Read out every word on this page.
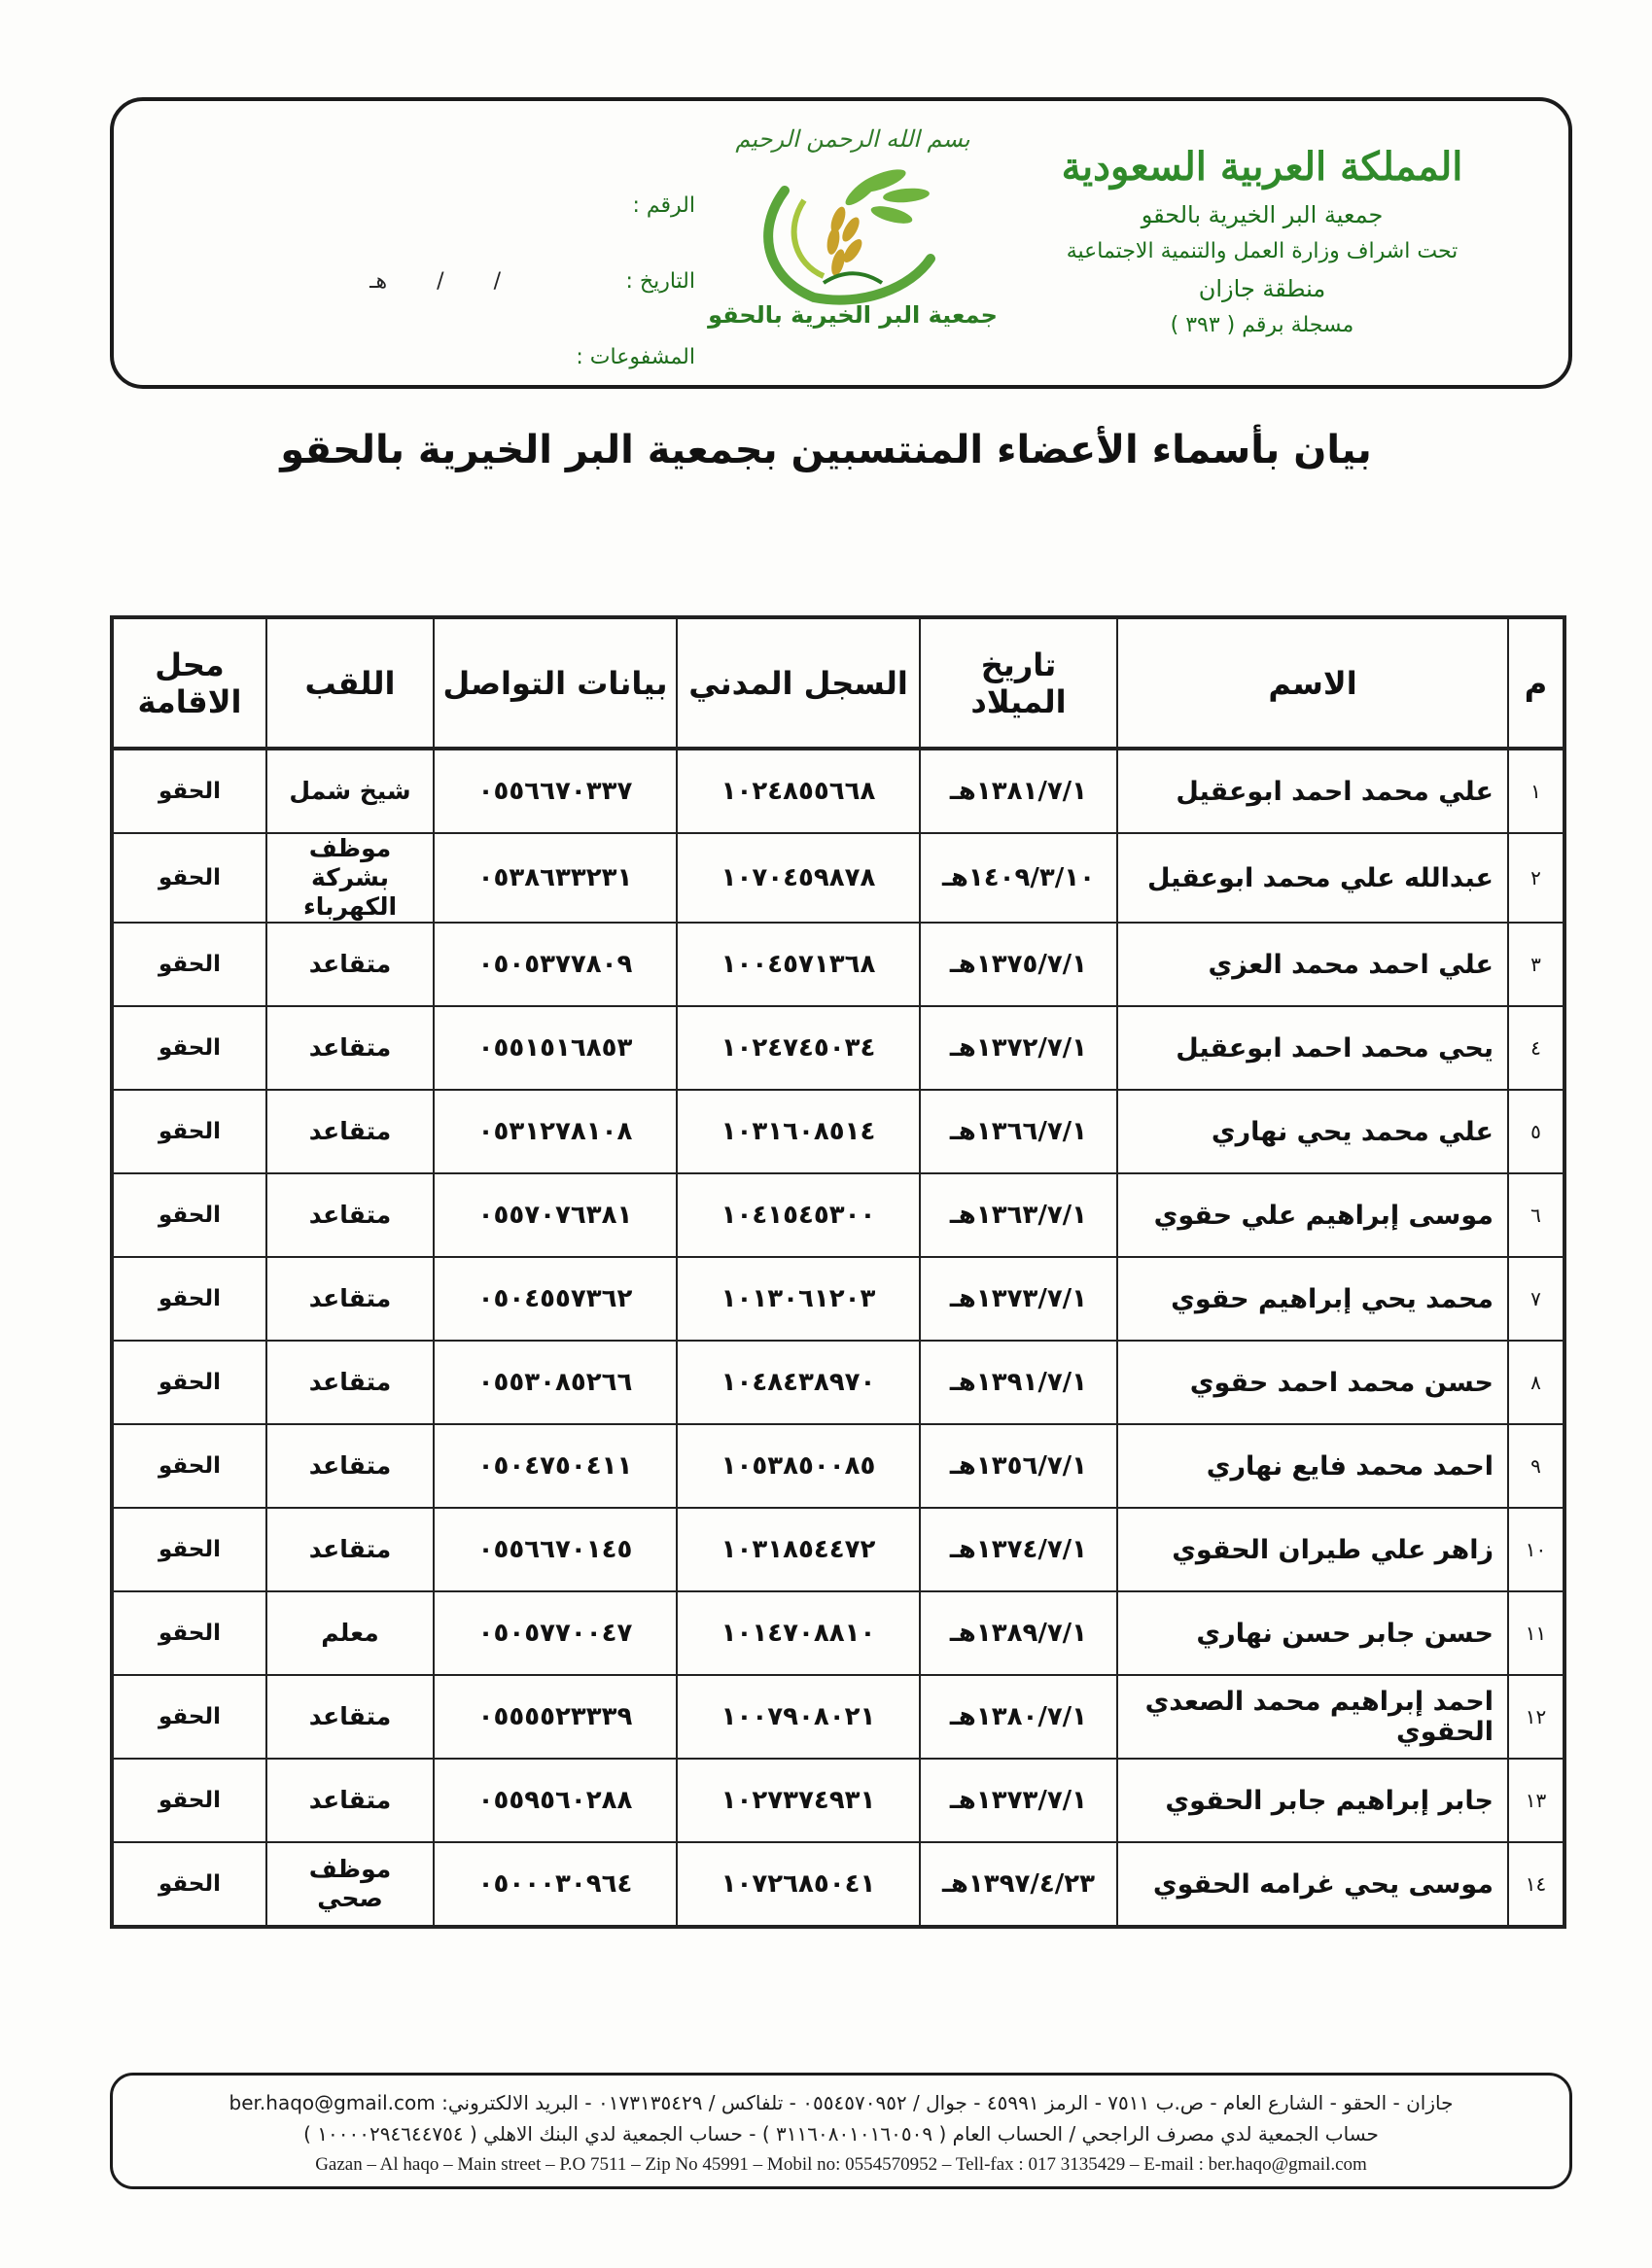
المملكة العربية السعودية
جمعية البر الخيرية بالحقو
تحت اشراف وزارة العمل والتنمية الاجتماعية
منطقة جازان
مسجلة برقم ( ٣٩٣ )
بسم الله الرحمن الرحيم
جمعية البر الخيرية بالحقو
الرقم :
التاريخ :
/ / هـ
المشفوعات :
بيان بأسماء الأعضاء المنتسبين بجمعية البر الخيرية بالحقو
م	الاسم	تاريخ الميلاد	السجل المدني	بيانات التواصل	اللقب	محل الاقامة
١	علي محمد احمد ابوعقيل	١٣٨١/٧/١هـ	١٠٢٤٨٥٥٦٦٨	٠٥٥٦٦٧٠٣٣٧	شيخ شمل	الحقو
٢	عبدالله علي محمد ابوعقيل	١٤٠٩/٣/١٠هـ	١٠٧٠٤٥٩٨٧٨	٠٥٣٨٦٣٣٢٣١	موظف بشركة الكهرباء	الحقو
٣	علي احمد محمد العزي	١٣٧٥/٧/١هـ	١٠٠٤٥٧١٣٦٨	٠٥٠٥٣٧٧٨٠٩	متقاعد	الحقو
٤	يحي محمد احمد ابوعقيل	١٣٧٢/٧/١هـ	١٠٢٤٧٤٥٠٣٤	٠٥٥١٥١٦٨٥٣	متقاعد	الحقو
٥	علي محمد يحي نهاري	١٣٦٦/٧/١هـ	١٠٣١٦٠٨٥١٤	٠٥٣١٢٧٨١٠٨	متقاعد	الحقو
٦	موسى إبراهيم علي حقوي	١٣٦٣/٧/١هـ	١٠٤١٥٤٥٣٠٠	٠٥٥٧٠٧٦٣٨١	متقاعد	الحقو
٧	محمد يحي إبراهيم حقوي	١٣٧٣/٧/١هـ	١٠١٣٠٦١٢٠٣	٠٥٠٤٥٥٧٣٦٢	متقاعد	الحقو
٨	حسن محمد احمد حقوي	١٣٩١/٧/١هـ	١٠٤٨٤٣٨٩٧٠	٠٥٥٣٠٨٥٢٦٦	متقاعد	الحقو
٩	احمد محمد فايع نهاري	١٣٥٦/٧/١هـ	١٠٥٣٨٥٠٠٨٥	٠٥٠٤٧٥٠٤١١	متقاعد	الحقو
١٠	زاهر علي طيران الحقوي	١٣٧٤/٧/١هـ	١٠٣١٨٥٤٤٧٢	٠٥٥٦٦٧٠١٤٥	متقاعد	الحقو
١١	حسن جابر حسن نهاري	١٣٨٩/٧/١هـ	١٠١٤٧٠٨٨١٠	٠٥٠٥٧٧٠٠٤٧	معلم	الحقو
١٢	احمد إبراهيم محمد الصعدي الحقوي	١٣٨٠/٧/١هـ	١٠٠٧٩٠٨٠٢١	٠٥٥٥٥٢٣٣٣٩	متقاعد	الحقو
١٣	جابر إبراهيم جابر الحقوي	١٣٧٣/٧/١هـ	١٠٢٧٣٧٤٩٣١	٠٥٥٩٥٦٠٢٨٨	متقاعد	الحقو
١٤	موسى يحي غرامه الحقوي	١٣٩٧/٤/٢٣هـ	١٠٧٢٦٨٥٠٤١	٠٥٠٠٠٣٠٩٦٤	موظف صحي	الحقو
جازان - الحقو - الشارع العام - ص.ب ٧٥١١ - الرمز ٤٥٩٩١ - جوال / ٠٥٥٤٥٧٠٩٥٢ - تلفاكس / ٠١٧٣١٣٥٤٢٩ - البريد الالكتروني: ber.haqo@gmail.com
حساب الجمعية لدي مصرف الراجحي / الحساب العام ( ٣١١٦٠٨٠١٠١٦٠٥٠٩ ) - حساب الجمعية لدي البنك الاهلي ( ١٠٠٠٠٢٩٤٦٤٤٧٥٤ )
Gazan – Al haqo – Main street – P.O 7511 – Zip No 45991 – Mobil no: 0554570952 – Tell-fax : 017 3135429 – E-mail : ber.haqo@gmail.com
